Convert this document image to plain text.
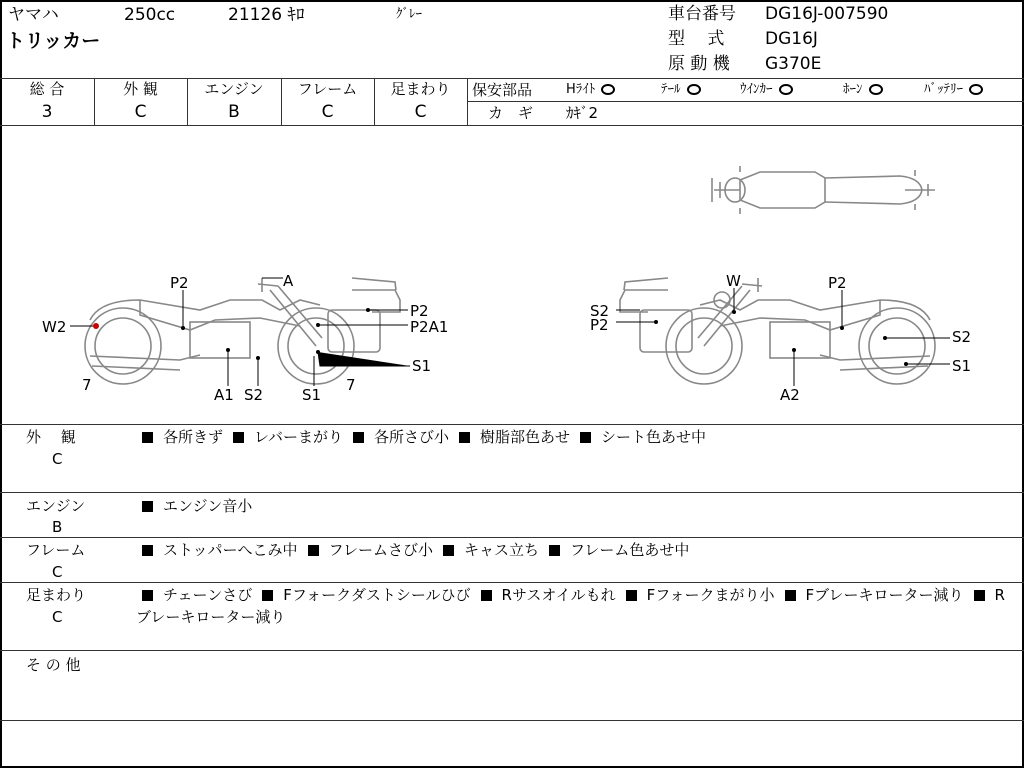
ヤマハ	250cc	21126 ｷﾛ	ｸﾞﾚｰ
トリッカー
車台番号 DG16J-007590
型　 式 DG16J
原 動 機 G370E
総 合
3
外 観
C
エンジン
B
フレーム
C
足まわり
C
保安部品	Hﾗｲﾄ	ﾃｰﾙ	ｳｲﾝｶｰ	ﾎｰﾝ	ﾊﾞｯﾃﾘｰ
カ　ギ ｶｷﾞ2
P2	A
W2
P2
P2A1
S1
7
A1 S2	S1
7
W	P2
S2
P2
S2
S1
A2
外　 観
C
各所きず レバーまがり 各所さび小 樹脂部色あせ シート色あせ中
エンジン
B
エンジン音小
フレーム
C
ストッパーへこみ中 フレームさび小 キャス立ち フレーム色あせ中
足まわり
C
チェーンさび Fフォークダストシールひび Rサスオイルもれ Fフォークまがり小 Fブレーキローター減り Rブレーキローター減り
そ の 他
